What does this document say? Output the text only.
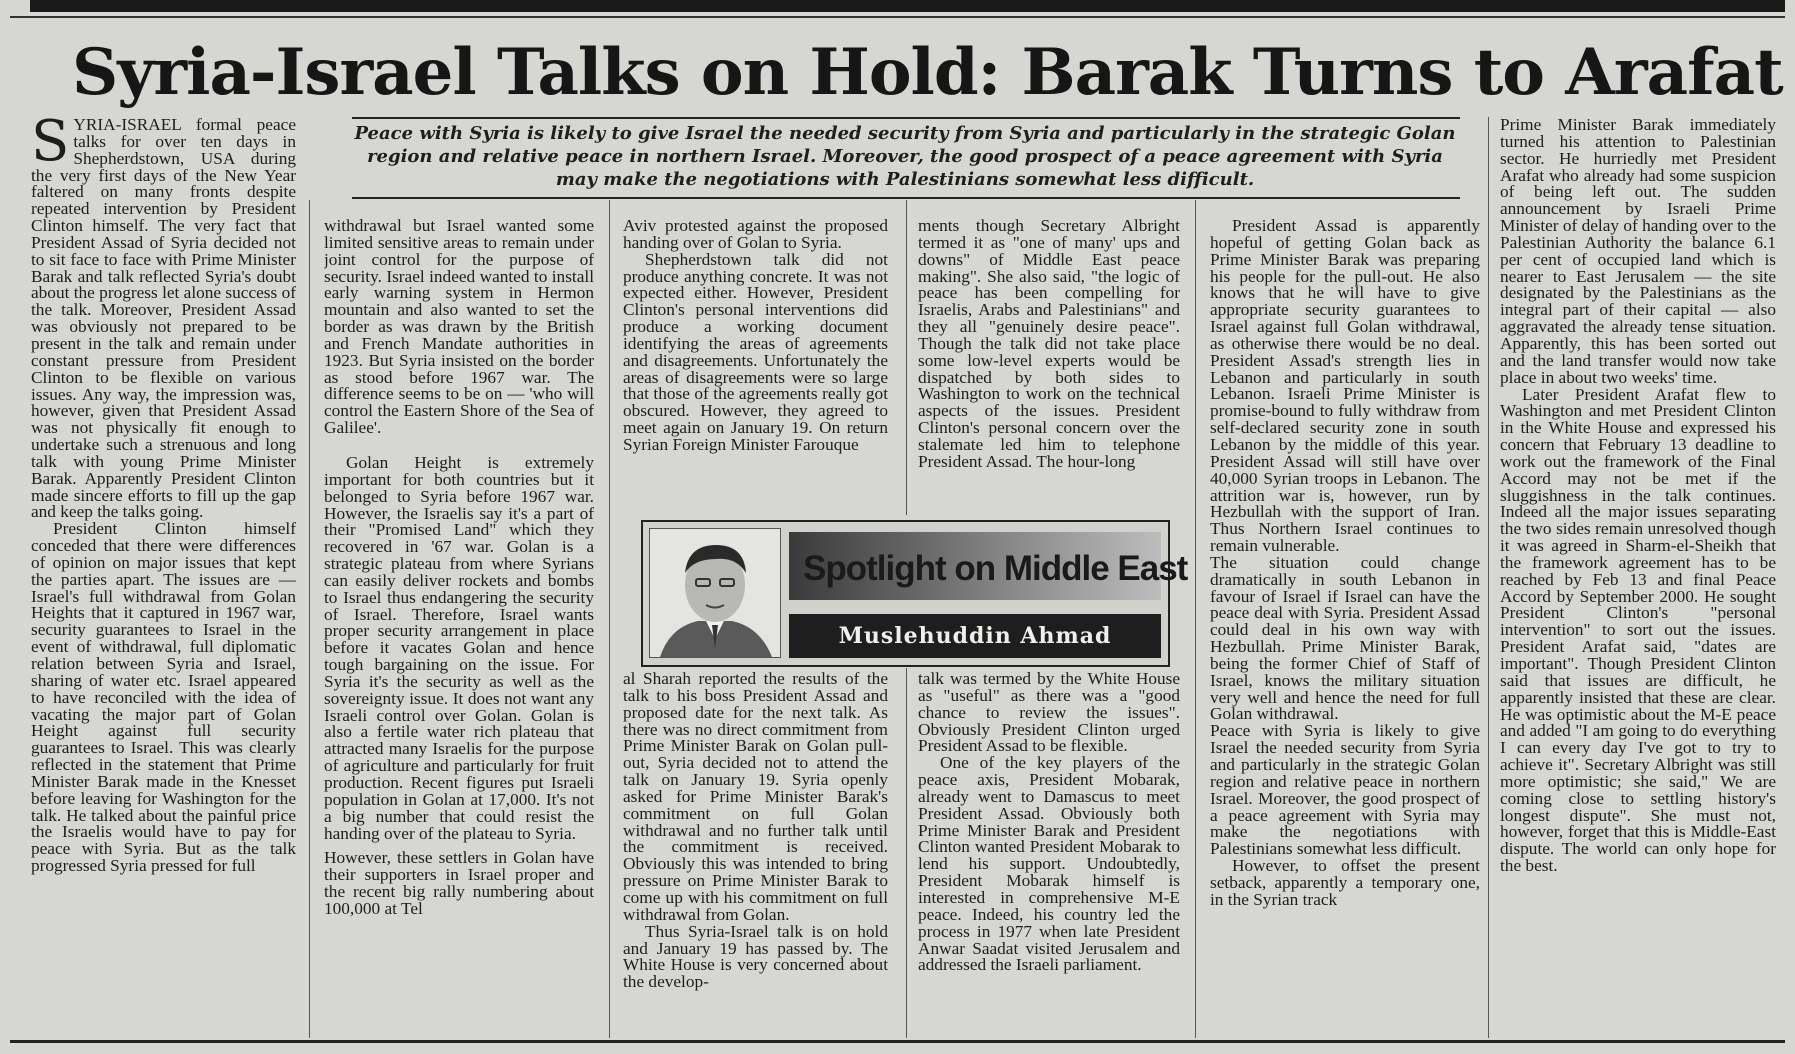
Syria-Israel Talks on Hold: Barak Turns to Arafat
Peace with Syria is likely to give Israel the needed security from Syria and particularly in the strategic Golan region and relative peace in northern Israel. Moreover, the good prospect of a peace agreement with Syria may make the negotiations with Palestinians somewhat less difficult.

SYRIA-ISRAEL formal peace talks for over ten days in Shepherdstown, USA during the very first days of the New Year faltered on many fronts despite repeated intervention by President Clinton himself. The very fact that President Assad of Syria decided not to sit face to face with Prime Minister Barak and talk reflected Syria's doubt about the progress let alone success of the talk. Moreover, President Assad was obviously not prepared to be present in the talk and remain under constant pressure from President Clinton to be flexible on various issues. Any way, the impression was, however, given that President Assad was not physically fit enough to undertake such a strenuous and long talk with young Prime Minister Barak. Apparently President Clinton made sincere efforts to fill up the gap and keep the talks going.

President Clinton himself conceded that there were differences of opinion on major issues that kept the parties apart. The issues are — Israel's full withdrawal from Golan Heights that it captured in 1967 war, security guarantees to Israel in the event of withdrawal, full diplomatic relation between Syria and Israel, sharing of water etc. Israel appeared to have reconciled with the idea of vacating the major part of Golan Height against full security guarantees to Israel. This was clearly reflected in the statement that Prime Minister Barak made in the Knesset before leaving for Washington for the talk. He talked about the painful price the Israelis would have to pay for peace with Syria. But as the talk progressed Syria pressed for full

withdrawal but Israel wanted some limited sensitive areas to remain under joint control for the purpose of security. Israel indeed wanted to install early warning system in Hermon mountain and also wanted to set the border as was drawn by the British and French Mandate authorities in 1923. But Syria insisted on the border as stood before 1967 war. The difference seems to be on — 'who will control the Eastern Shore of the Sea of Galilee'.

Golan Height is extremely important for both countries but it belonged to Syria before 1967 war. However, the Israelis say it's a part of their "Promised Land" which they recovered in '67 war. Golan is a strategic plateau from where Syrians can easily deliver rockets and bombs to Israel thus endangering the security of Israel. Therefore, Israel wants proper security arrangement in place before it vacates Golan and hence tough bargaining on the issue. For Syria it's the security as well as the sovereignty issue. It does not want any Israeli control over Golan. Golan is also a fertile water rich plateau that attracted many Israelis for the purpose of agriculture and particularly for fruit production. Recent figures put Israeli population in Golan at 17,000. It's not a big number that could resist the handing over of the plateau to Syria.

However, these settlers in Golan have their supporters in Israel proper and the recent big rally numbering about 100,000 at Tel

Aviv protested against the proposed handing over of Golan to Syria.

Shepherdstown talk did not produce anything concrete. It was not expected either. However, President Clinton's personal interventions did produce a working document identifying the areas of agreements and disagreements. Unfortunately the areas of disagreements were so large that those of the agreements really got obscured. However, they agreed to meet again on January 19. On return Syrian Foreign Minister Farouque

ments though Secretary Albright termed it as "one of many' ups and downs" of Middle East peace making". She also said, "the logic of peace has been compelling for Israelis, Arabs and Palestinians" and they all "genuinely desire peace". Though the talk did not take place some low-level experts would be dispatched by both sides to Washington to work on the technical aspects of the issues. President Clinton's personal concern over the stalemate led him to telephone President Assad. The hour-long

Spotlight on Middle East
Muslehuddin Ahmad

al Sharah reported the results of the talk to his boss President Assad and proposed date for the next talk. As there was no direct commitment from Prime Minister Barak on Golan pull-out, Syria decided not to attend the talk on January 19. Syria openly asked for Prime Minister Barak's commitment on full Golan withdrawal and no further talk until the commitment is received. Obviously this was intended to bring pressure on Prime Minister Barak to come up with his commitment on full withdrawal from Golan.

Thus Syria-Israel talk is on hold and January 19 has passed by. The White House is very concerned about the develop-

talk was termed by the White House as "useful" as there was a "good chance to review the issues". Obviously President Clinton urged President Assad to be flexible.

One of the key players of the peace axis, President Mobarak, already went to Damascus to meet President Assad. Obviously both Prime Minister Barak and President Clinton wanted President Mobarak to lend his support. Undoubtedly, President Mobarak himself is interested in comprehensive M-E peace. Indeed, his country led the process in 1977 when late President Anwar Saadat visited Jerusalem and addressed the Israeli parliament.

President Assad is apparently hopeful of getting Golan back as Prime Minister Barak was preparing his people for the pull-out. He also knows that he will have to give appropriate security guarantees to Israel against full Golan withdrawal, as otherwise there would be no deal. President Assad's strength lies in Lebanon and particularly in south Lebanon. Israeli Prime Minister is promise-bound to fully withdraw from self-declared security zone in south Lebanon by the middle of this year. President Assad will still have over 40,000 Syrian troops in Lebanon. The attrition war is, however, run by Hezbullah with the support of Iran. Thus Northern Israel continues to remain vulnerable.

The situation could change dramatically in south Lebanon in favour of Israel if Israel can have the peace deal with Syria. President Assad could deal in his own way with Hezbullah. Prime Minister Barak, being the former Chief of Staff of Israel, knows the military situation very well and hence the need for full Golan withdrawal.

Peace with Syria is likely to give Israel the needed security from Syria and particularly in the strategic Golan region and relative peace in northern Israel. Moreover, the good prospect of a peace agreement with Syria may make the negotiations with Palestinians somewhat less difficult.

However, to offset the present setback, apparently a temporary one, in the Syrian track

Prime Minister Barak immediately turned his attention to Palestinian sector. He hurriedly met President Arafat who already had some suspicion of being left out. The sudden announcement by Israeli Prime Minister of delay of handing over to the Palestinian Authority the balance 6.1 per cent of occupied land which is nearer to East Jerusalem — the site designated by the Palestinians as the integral part of their capital — also aggravated the already tense situation. Apparently, this has been sorted out and the land transfer would now take place in about two weeks' time.

Later President Arafat flew to Washington and met President Clinton in the White House and expressed his concern that February 13 deadline to work out the framework of the Final Accord may not be met if the sluggishness in the talk continues. Indeed all the major issues separating the two sides remain unresolved though it was agreed in Sharm-el-Sheikh that the framework agreement has to be reached by Feb 13 and final Peace Accord by September 2000. He sought President Clinton's "personal intervention" to sort out the issues. President Arafat said, "dates are important". Though President Clinton said that issues are difficult, he apparently insisted that these are clear. He was optimistic about the M-E peace and added "I am going to do everything I can every day I've got to try to achieve it". Secretary Albright was still more optimistic; she said," We are coming close to settling history's longest dispute". She must not, however, forget that this is Middle-East dispute. The world can only hope for the best.
